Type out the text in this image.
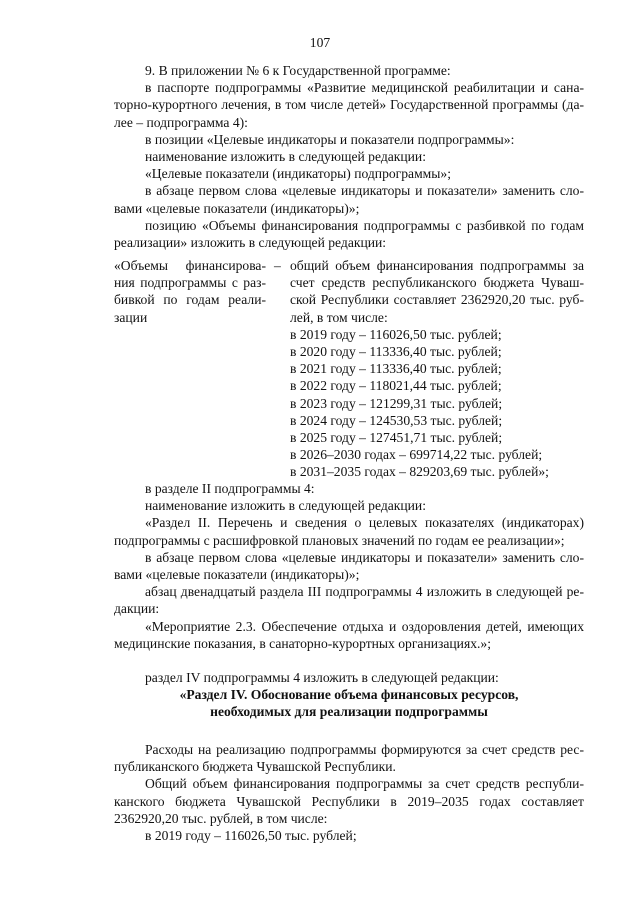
107

9. В приложении № 6 к Государственной программе:

в паспорте подпрограммы «Развитие медицинской реабилитации и сана-
торно-курортного лечения, в том числе детей» Государственной программы (да-
лее – подпрограмма 4):

в позиции «Целевые индикаторы и показатели подпрограммы»:

наименование изложить в следующей редакции:

«Целевые показатели (индикаторы) подпрограммы»;

в абзаце первом слова «целевые индикаторы и показатели» заменить сло-
вами «целевые показатели (индикаторы)»;

позицию «Объемы финансирования подпрограммы с разбивкой по годам
реализации» изложить в следующей редакции:

«Объемы финансирова-
ния подпрограммы с раз-
бивкой по годам реали-
зации
– общий объем финансирования подпрограммы за
счет средств республиканского бюджета Чуваш-
ской Республики составляет 2362920,20 тыс. руб-
лей, в том числе:
в 2019 году – 116026,50 тыс. рублей;
в 2020 году – 113336,40 тыс. рублей;
в 2021 году – 113336,40 тыс. рублей;
в 2022 году – 118021,44 тыс. рублей;
в 2023 году – 121299,31 тыс. рублей;
в 2024 году – 124530,53 тыс. рублей;
в 2025 году – 127451,71 тыс. рублей;
в 2026–2030 годах – 699714,22 тыс. рублей;
в 2031–2035 годах – 829203,69 тыс. рублей»;

в разделе II подпрограммы 4:

наименование изложить в следующей редакции:

«Раздел II. Перечень и сведения о целевых показателях (индикаторах)
подпрограммы с расшифровкой плановых значений по годам ее реализации»;

в абзаце первом слова «целевые индикаторы и показатели» заменить сло-
вами «целевые показатели (индикаторы)»;

абзац двенадцатый раздела III подпрограммы 4 изложить в следующей ре-
дакции:

«Мероприятие 2.3. Обеспечение отдыха и оздоровления детей, имеющих
медицинские показания, в санаторно-курортных организациях.»;

раздел IV подпрограммы 4 изложить в следующей редакции:

«Раздел IV. Обоснование объема финансовых ресурсов,
необходимых для реализации подпрограммы

Расходы на реализацию подпрограммы формируются за счет средств рес-
публиканского бюджета Чувашской Республики.

Общий объем финансирования подпрограммы за счет средств республи-
канского бюджета Чувашской Республики в 2019–2035 годах составляет
2362920,20 тыс. рублей, в том числе:

в 2019 году – 116026,50 тыс. рублей;
